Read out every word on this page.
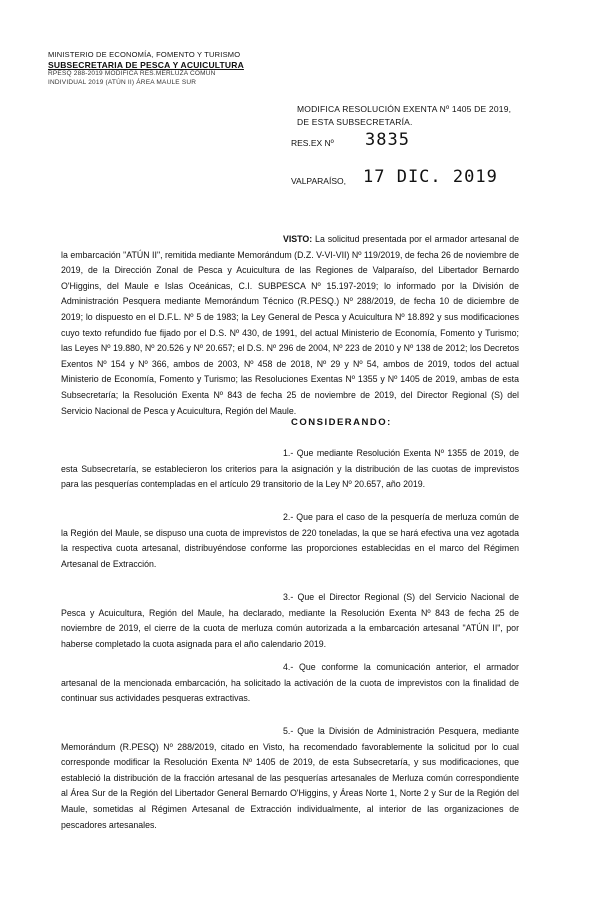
MINISTERIO DE ECONOMÍA, FOMENTO Y TURISMO
SUBSECRETARIA DE PESCA Y ACUICULTURA
RPESQ 288-2019 MODIFICA RES.MERLUZA COMÚN
INDIVIDUAL 2019 (ATÚN II) ÁREA MAULE SUR
MODIFICA RESOLUCIÓN EXENTA Nº 1405 DE 2019,
DE ESTA SUBSECRETARÍA.
RES.EX Nº 3835
VALPARAÍSO, 17 DIC. 2019
VISTO: La solicitud presentada por el armador artesanal de la embarcación "ATÚN II", remitida mediante Memorándum (D.Z. V-VI-VII) Nº 119/2019, de fecha 26 de noviembre de 2019, de la Dirección Zonal de Pesca y Acuicultura de las Regiones de Valparaíso, del Libertador Bernardo O'Higgins, del Maule e Islas Oceánicas, C.I. SUBPESCA Nº 15.197-2019; lo informado por la División de Administración Pesquera mediante Memorándum Técnico (R.PESQ.) Nº 288/2019, de fecha 10 de diciembre de 2019; lo dispuesto en el D.F.L. Nº 5 de 1983; la Ley General de Pesca y Acuicultura Nº 18.892 y sus modificaciones cuyo texto refundido fue fijado por el D.S. Nº 430, de 1991, del actual Ministerio de Economía, Fomento y Turismo; las Leyes Nº 19.880, Nº 20.526 y Nº 20.657; el D.S. Nº 296 de 2004, Nº 223 de 2010 y Nº 138 de 2012; los Decretos Exentos Nº 154 y Nº 366, ambos de 2003, Nº 458 de 2018, Nº 29 y Nº 54, ambos de 2019, todos del actual Ministerio de Economía, Fomento y Turismo; las Resoluciones Exentas Nº 1355 y Nº 1405 de 2019, ambas de esta Subsecretaría; la Resolución Exenta Nº 843 de fecha 25 de noviembre de 2019, del Director Regional (S) del Servicio Nacional de Pesca y Acuicultura, Región del Maule.
CONSIDERANDO:
1.- Que mediante Resolución Exenta Nº 1355 de 2019, de esta Subsecretaría, se establecieron los criterios para la asignación y la distribución de las cuotas de imprevistos para las pesquerías contempladas en el artículo 29 transitorio de la Ley Nº 20.657, año 2019.
2.- Que para el caso de la pesquería de merluza común de la Región del Maule, se dispuso una cuota de imprevistos de 220 toneladas, la que se hará efectiva una vez agotada la respectiva cuota artesanal, distribuyéndose conforme las proporciones establecidas en el marco del Régimen Artesanal de Extracción.
3.- Que el Director Regional (S) del Servicio Nacional de Pesca y Acuicultura, Región del Maule, ha declarado, mediante la Resolución Exenta Nº 843 de fecha 25 de noviembre de 2019, el cierre de la cuota de merluza común autorizada a la embarcación artesanal "ATÚN II", por haberse completado la cuota asignada para el año calendario 2019.
4.- Que conforme la comunicación anterior, el armador artesanal de la mencionada embarcación, ha solicitado la activación de la cuota de imprevistos con la finalidad de continuar sus actividades pesqueras extractivas.
5.- Que la División de Administración Pesquera, mediante Memorándum (R.PESQ) Nº 288/2019, citado en Visto, ha recomendado favorablemente la solicitud por lo cual corresponde modificar la Resolución Exenta Nº 1405 de 2019, de esta Subsecretaría, y sus modificaciones, que estableció la distribución de la fracción artesanal de las pesquerías artesanales de Merluza común correspondiente al Área Sur de la Región del Libertador General Bernardo O'Higgins, y Áreas Norte 1, Norte 2 y Sur de la Región del Maule, sometidas al Régimen Artesanal de Extracción individualmente, al interior de las organizaciones de pescadores artesanales.
